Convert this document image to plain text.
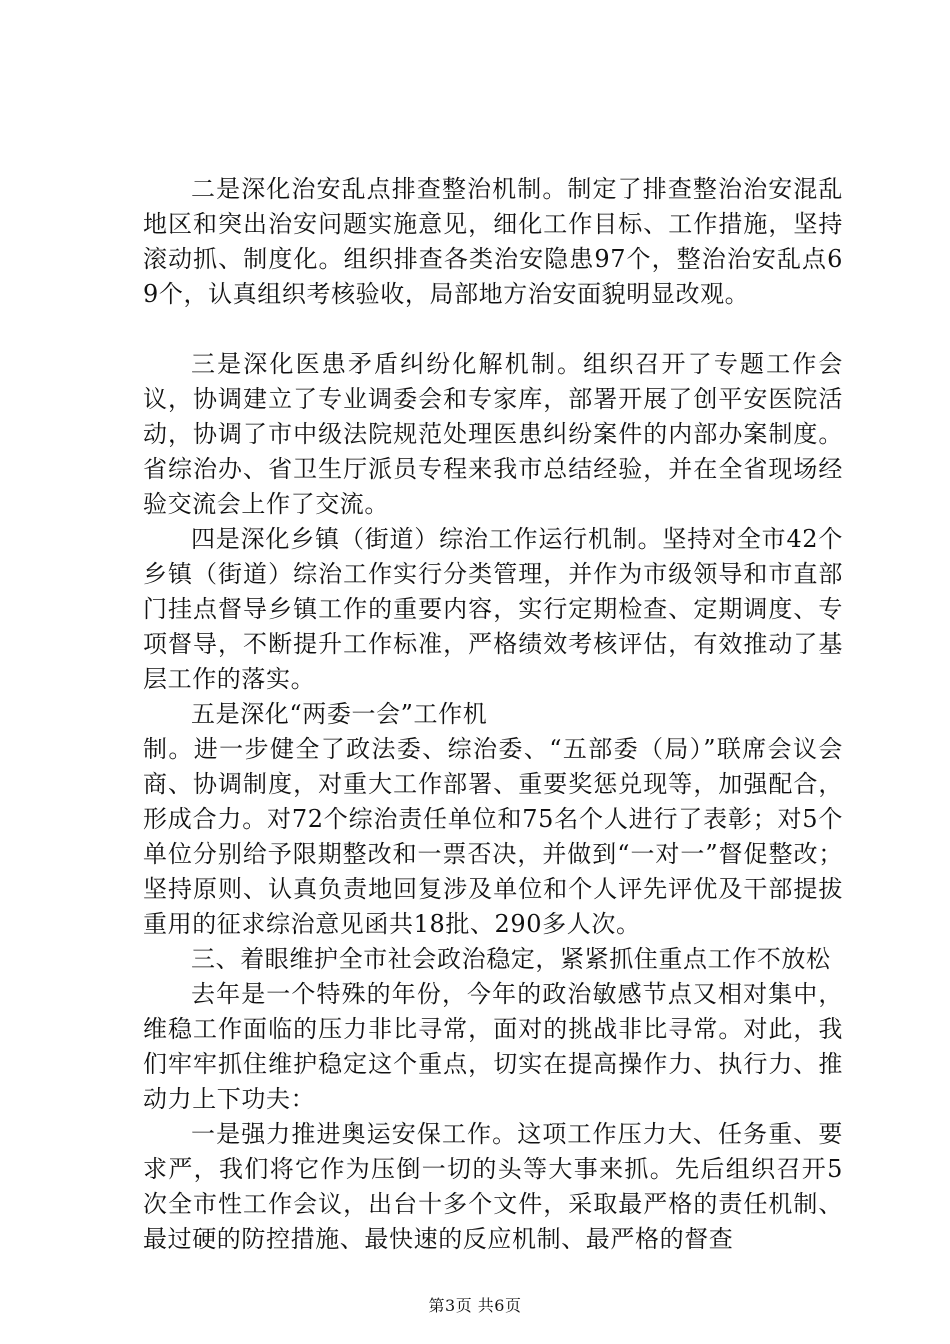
二是深化治安乱点排查整治机制。制定了排查整治治安混乱地区和突出治安问题实施意见，细化工作目标、工作措施，坚持滚动抓、制度化。组织排查各类治安隐患97个，整治治安乱点69个，认真组织考核验收，局部地方治安面貌明显改观。

三是深化医患矛盾纠纷化解机制。组织召开了专题工作会议，协调建立了专业调委会和专家库，部署开展了创平安医院活动，协调了市中级法院规范处理医患纠纷案件的内部办案制度。省综治办、省卫生厅派员专程来我市总结经验，并在全省现场经验交流会上作了交流。

四是深化乡镇（街道）综治工作运行机制。坚持对全市42个乡镇（街道）综治工作实行分类管理，并作为市级领导和市直部门挂点督导乡镇工作的重要内容，实行定期检查、定期调度、专项督导，不断提升工作标准，严格绩效考核评估，有效推动了基层工作的落实。

五是深化“两委一会”工作机

制。进一步健全了政法委、综治委、“五部委（局）”联席会议会商、协调制度，对重大工作部署、重要奖惩兑现等，加强配合，形成合力。对72个综治责任单位和75名个人进行了表彰；对5个单位分别给予限期整改和一票否决，并做到“一对一”督促整改；坚持原则、认真负责地回复涉及单位和个人评先评优及干部提拔重用的征求综治意见函共18批、290多人次。

三、着眼维护全市社会政治稳定，紧紧抓住重点工作不放松

去年是一个特殊的年份，今年的政治敏感节点又相对集中，维稳工作面临的压力非比寻常，面对的挑战非比寻常。对此，我们牢牢抓住维护稳定这个重点，切实在提高操作力、执行力、推动力上下功夫：

一是强力推进奥运安保工作。这项工作压力大、任务重、要求严，我们将它作为压倒一切的头等大事来抓。先后组织召开5次全市性工作会议，出台十多个文件，采取最严格的责任机制、最过硬的防控措施、最快速的反应机制、最严格的督查

第3页 共6页
